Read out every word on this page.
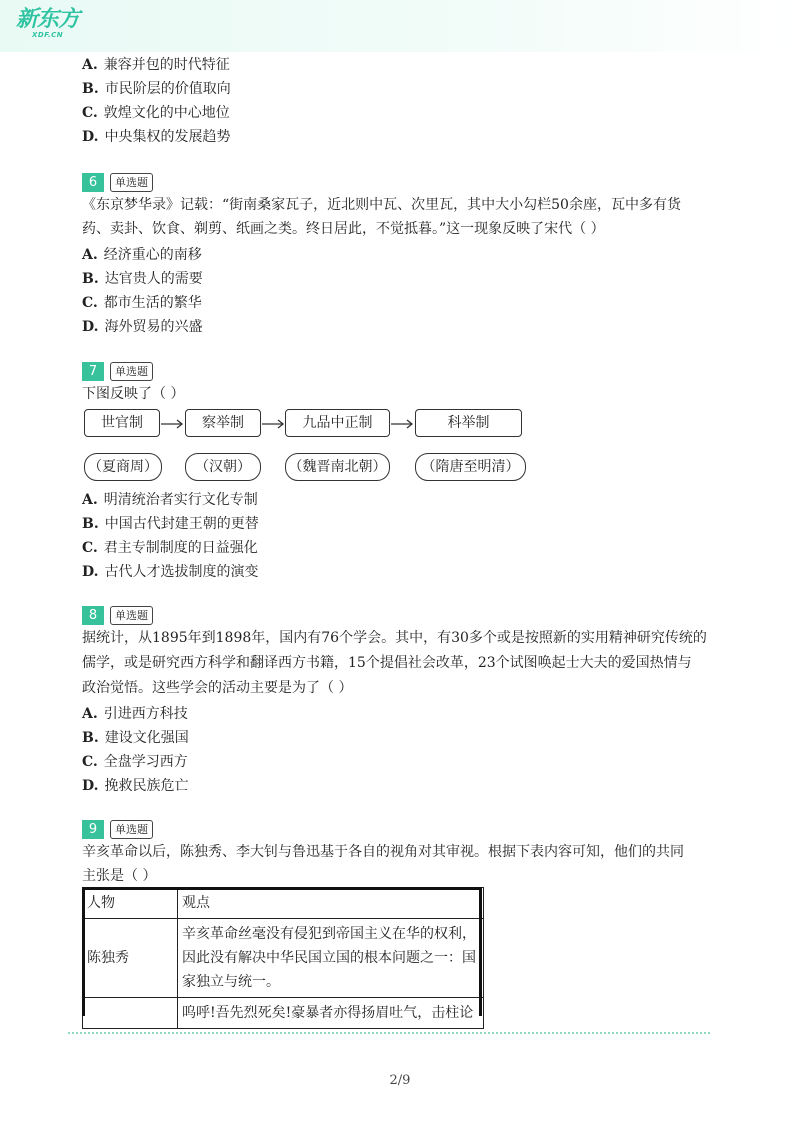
新东方
XDF.CN
A. 兼容并包的时代特征
B. 市民阶层的价值取向
C. 敦煌文化的中心地位
D. 中央集权的发展趋势
6 单选题
《东京梦华录》记载：“街南桑家瓦子，近北则中瓦、次里瓦，其中大小勾栏50余座，瓦中多有货
药、卖卦、饮食、剃剪、纸画之类。终日居此，不觉抵暮。”这一现象反映了宋代（ ）
A. 经济重心的南移
B. 达官贵人的需要
C. 都市生活的繁华
D. 海外贸易的兴盛
7 单选题
下图反映了（ ）
世官制	察举制	九品中正制	科举制
（夏商周）	（汉朝）	（魏晋南北朝）	（隋唐至明清）
A. 明清统治者实行文化专制
B. 中国古代封建王朝的更替
C. 君主专制制度的日益强化
D. 古代人才选拔制度的演变
8 单选题
据统计，从1895年到1898年，国内有76个学会。其中，有30多个或是按照新的实用精神研究传统的
儒学，或是研究西方科学和翻译西方书籍，15个提倡社会改革，23个试图唤起士大夫的爱国热情与
政治觉悟。这些学会的活动主要是为了（ ）
A. 引进西方科技
B. 建设文化强国
C. 全盘学习西方
D. 挽救民族危亡
9 单选题
辛亥革命以后，陈独秀、李大钊与鲁迅基于各自的视角对其审视。根据下表内容可知，他们的共同
主张是（ ）
人物	观点
陈独秀	辛亥革命丝毫没有侵犯到帝国主义在华的权利，
因此没有解决中华民国立国的根本问题之一：国
家独立与统一。

	呜呼!吾先烈死矣!豪暴者亦得扬眉吐气，击柱论
2/9
